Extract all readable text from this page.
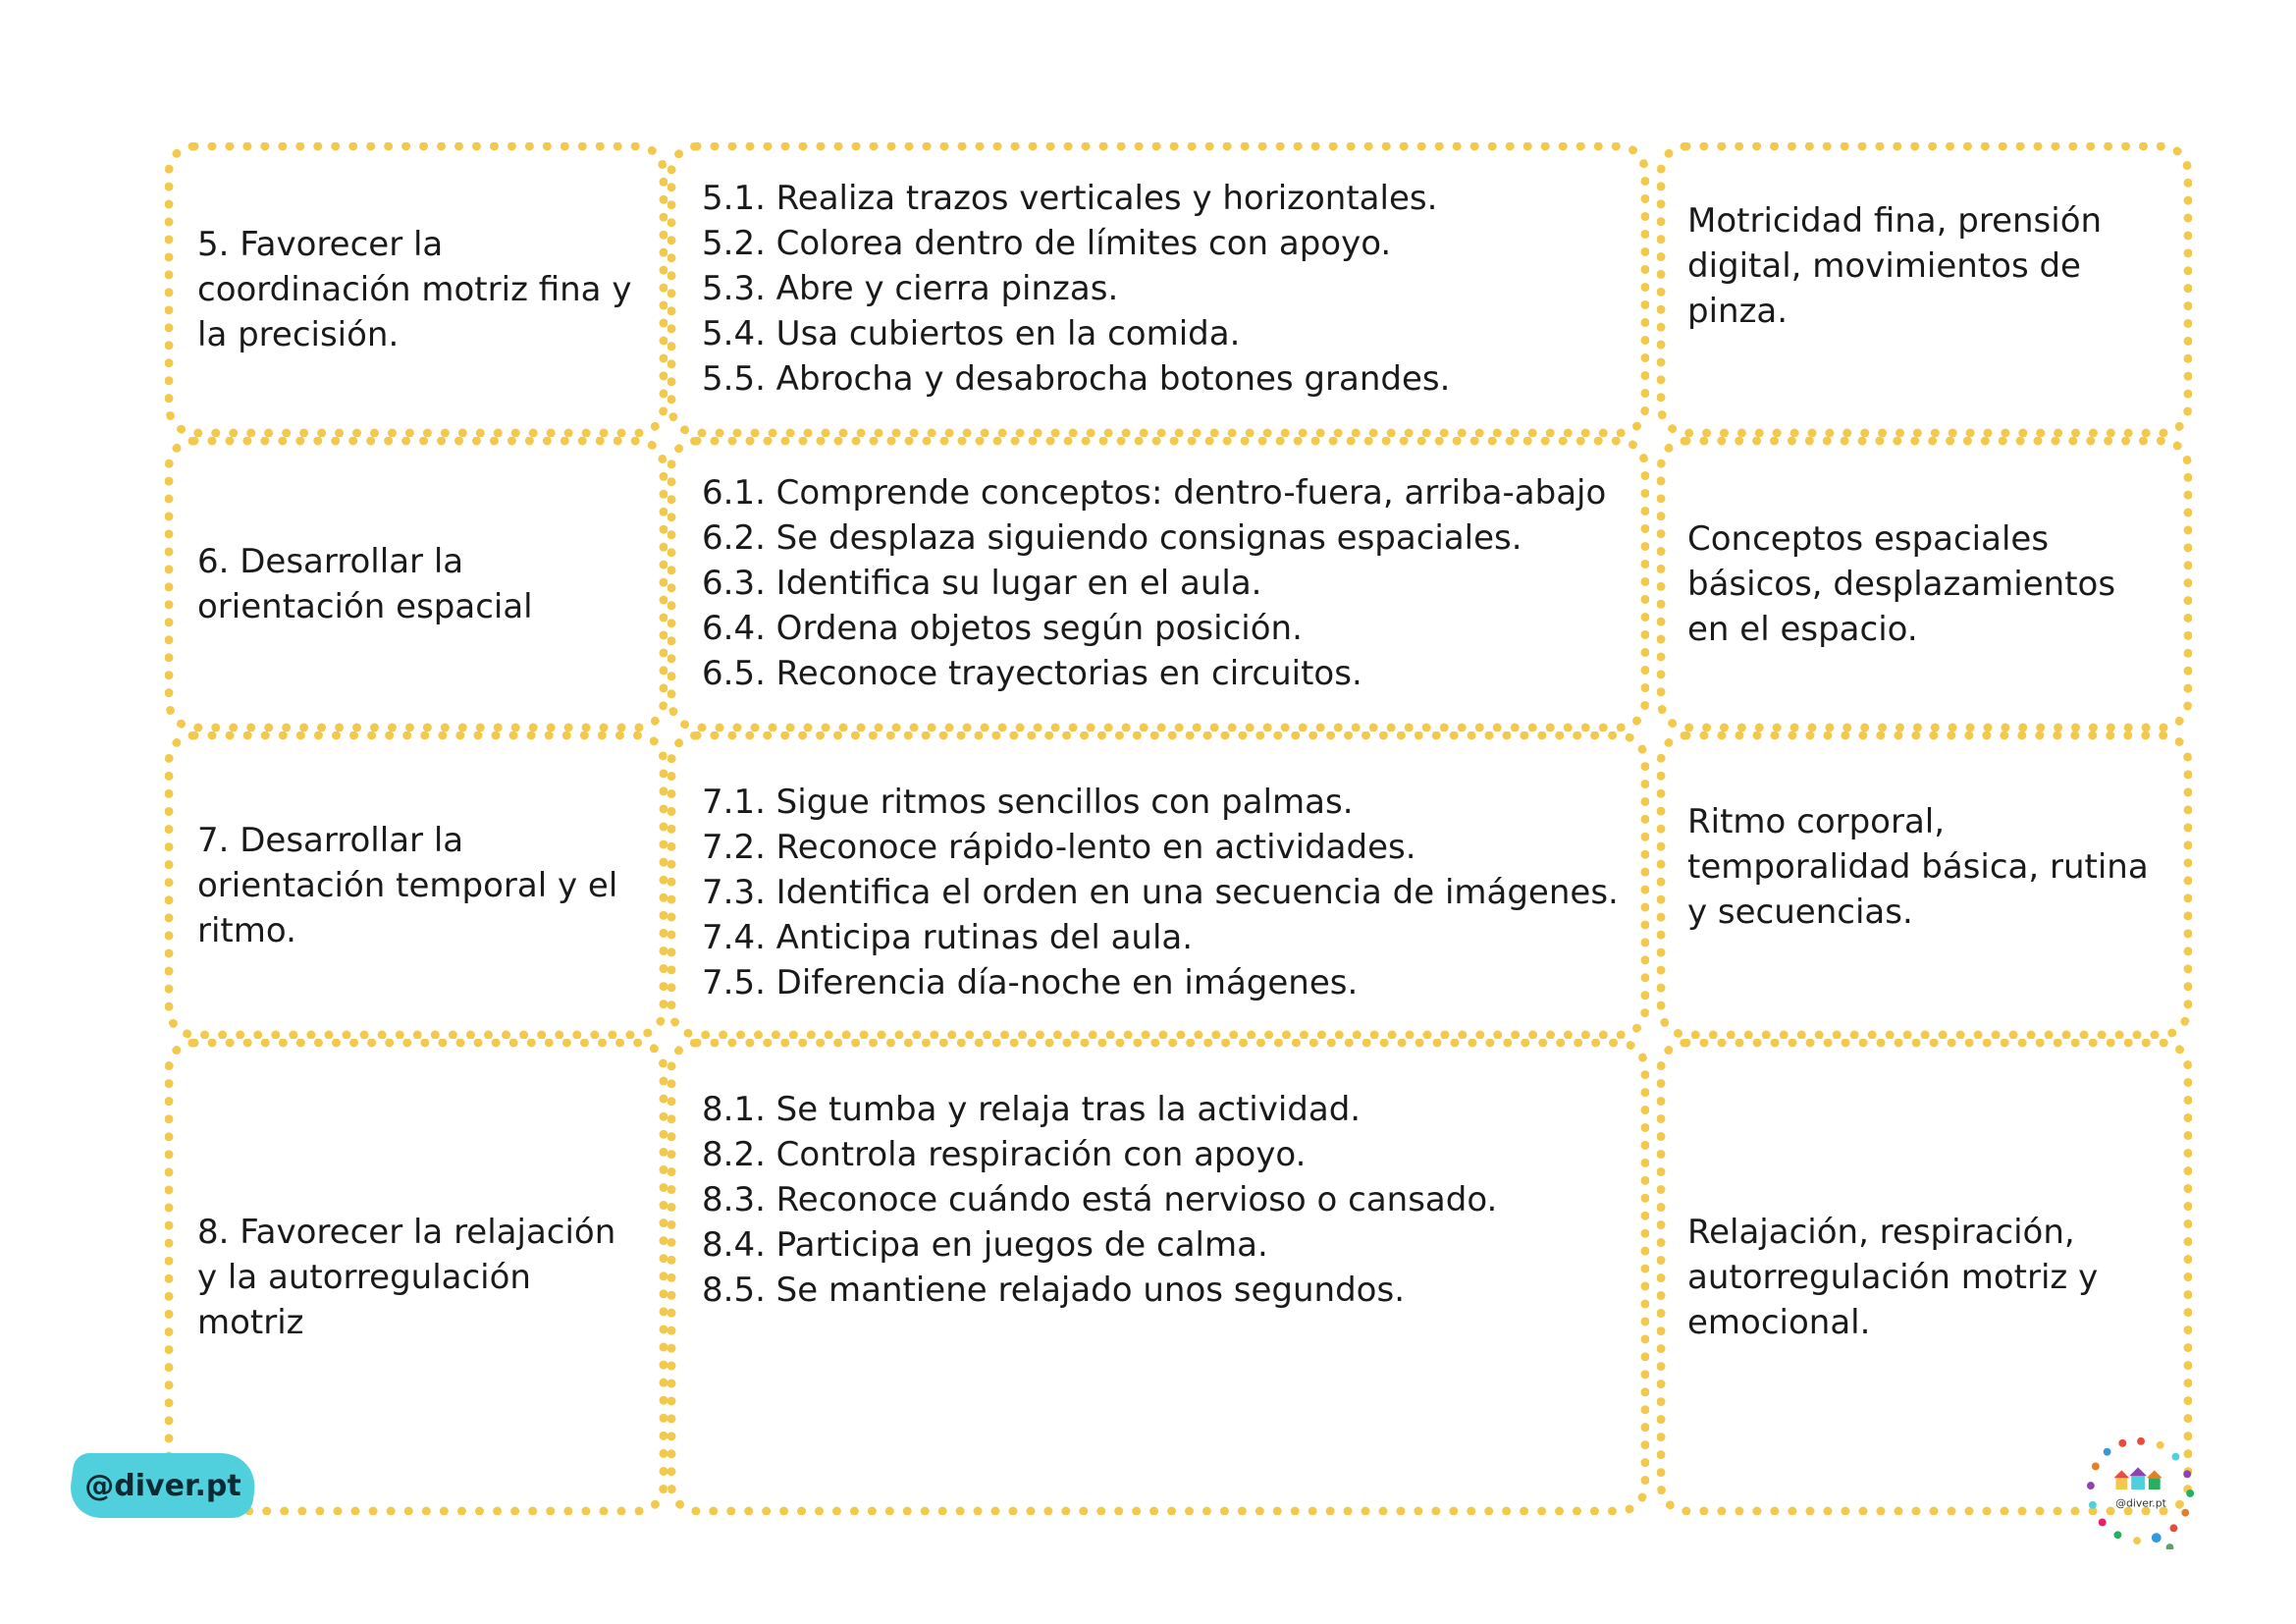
5. Favorecer la coordinación motriz fina y la precisión.
5.1. Realiza trazos verticales y horizontales.
5.2. Colorea dentro de límites con apoyo.
5.3. Abre y cierra pinzas.
5.4. Usa cubiertos en la comida.
5.5. Abrocha y desabrocha botones grandes.
Motricidad fina, prensión digital, movimientos de pinza.
6. Desarrollar la orientación espacial
6.1. Comprende conceptos: dentro-fuera, arriba-abajo
6.2. Se desplaza siguiendo consignas espaciales.
6.3. Identifica su lugar en el aula.
6.4. Ordena objetos según posición.
6.5. Reconoce trayectorias en circuitos.
Conceptos espaciales básicos, desplazamientos en el espacio.
7. Desarrollar la orientación temporal y el ritmo.
7.1. Sigue ritmos sencillos con palmas.
7.2. Reconoce rápido-lento en actividades.
7.3. Identifica el orden en una secuencia de imágenes.
7.4. Anticipa rutinas del aula.
7.5. Diferencia día-noche en imágenes.
Ritmo corporal, temporalidad básica, rutina y secuencias.
8. Favorecer la relajación y la autorregulación motriz
8.1. Se tumba y relaja tras la actividad.
8.2. Controla respiración con apoyo.
8.3. Reconoce cuándo está nervioso o cansado.
8.4. Participa en juegos de calma.
8.5. Se mantiene relajado unos segundos.
Relajación, respiración, autorregulación motriz y emocional.
@diver.pt
@diver.pt
